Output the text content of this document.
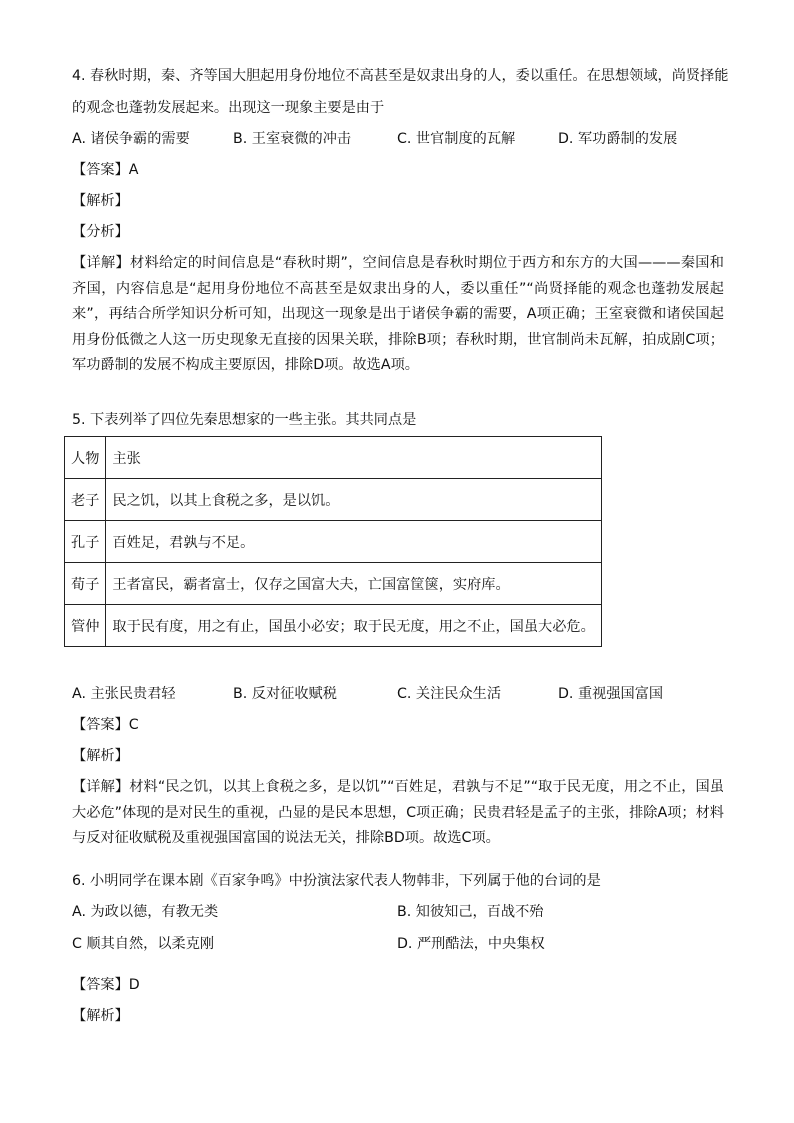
4. 春秋时期，秦、齐等国大胆起用身份地位不高甚至是奴隶出身的人，委以重任。在思想领域，尚贤择能
的观念也蓬勃发展起来。出现这一现象主要是由于
A. 诸侯争霸的需要	B. 王室衰微的冲击	C. 世官制度的瓦解	D. 军功爵制的发展
【答案】A
【解析】
【分析】
【详解】材料给定的时间信息是“春秋时期”，空间信息是春秋时期位于西方和东方的大国———秦国和齐国，内容信息是“起用身份地位不高甚至是奴隶出身的人，委以重任”“尚贤择能的观念也蓬勃发展起来”，再结合所学知识分析可知，出现这一现象是出于诸侯争霸的需要，A项正确；王室衰微和诸侯国起用身份低微之人这一历史现象无直接的因果关联，排除B项；春秋时期，世官制尚未瓦解，拍成剧C项；军功爵制的发展不构成主要原因，排除D项。故选A项。
5. 下表列举了四位先秦思想家的一些主张。其共同点是
人物	主张
老子	民之饥，以其上食税之多，是以饥。
孔子	百姓足，君孰与不足。
荀子	王者富民，霸者富士，仅存之国富大夫，亡国富筐箧，实府库。
管仲	取于民有度，用之有止，国虽小必安；取于民无度，用之不止，国虽大必危。
A. 主张民贵君轻	B. 反对征收赋税	C. 关注民众生活	D. 重视强国富国
【答案】C
【解析】
【详解】材料“民之饥，以其上食税之多，是以饥”“百姓足，君孰与不足”“取于民无度，用之不止，国虽大必危”体现的是对民生的重视，凸显的是民本思想，C项正确；民贵君轻是孟子的主张，排除A项；材料与反对征收赋税及重视强国富国的说法无关，排除BD项。故选C项。
6. 小明同学在课本剧《百家争鸣》中扮演法家代表人物韩非，下列属于他的台词的是
A. 为政以德，有教无类	B. 知彼知己，百战不殆
C 顺其自然，以柔克刚	D. 严刑酷法，中央集权
【答案】D
【解析】
